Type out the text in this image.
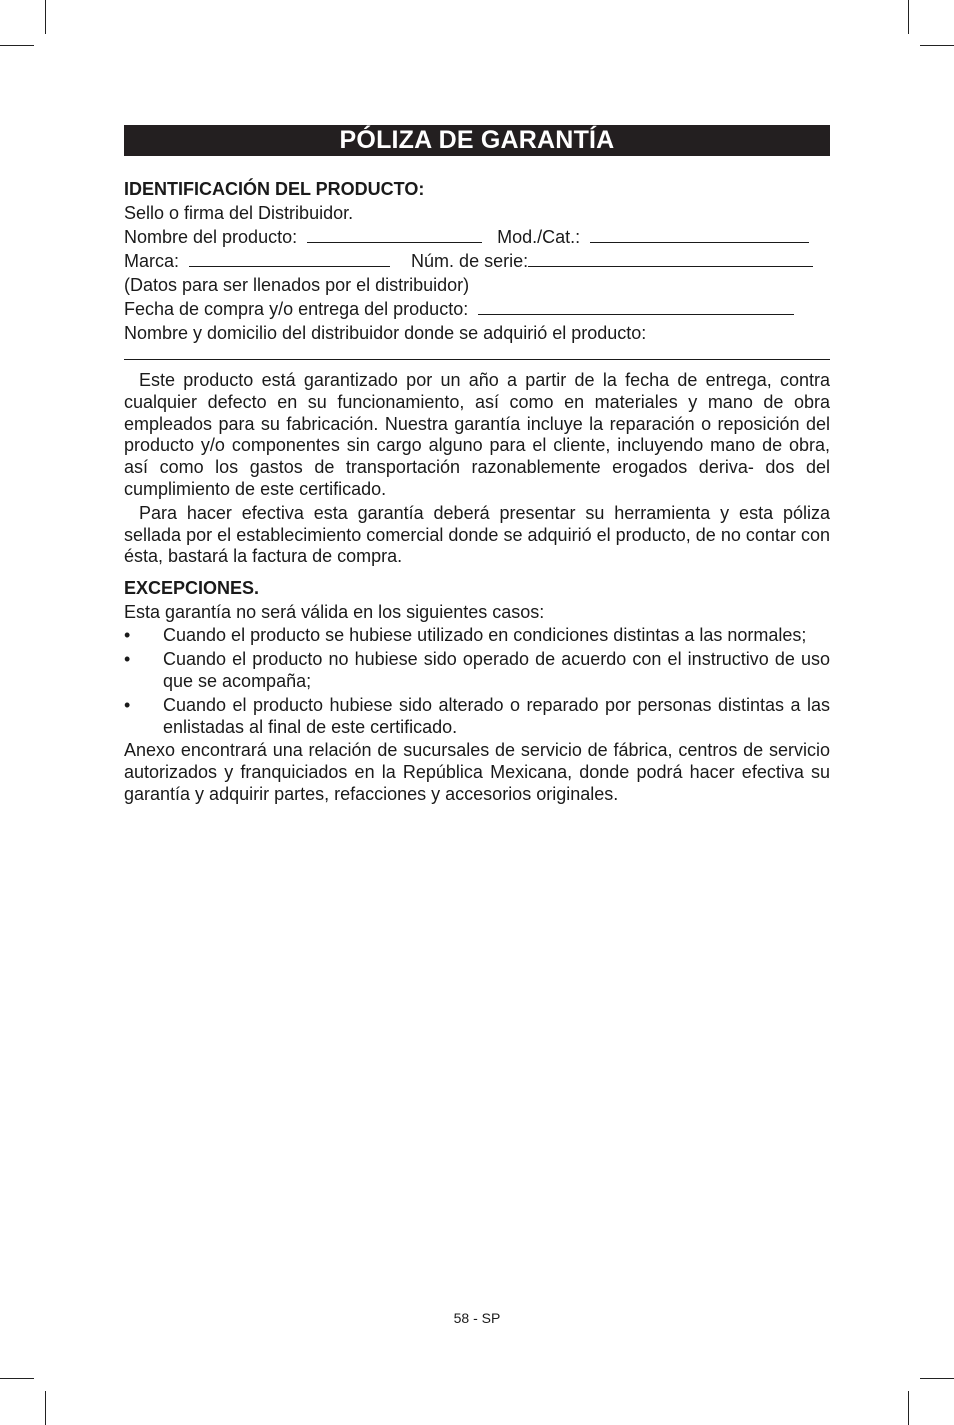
PÓLIZA DE GARANTÍA
IDENTIFICACIÓN DEL PRODUCTO:
Sello o firma del Distribuidor.
Nombre del producto:	Mod./Cat.:
Marca:	Núm. de serie:
(Datos para ser llenados por el distribuidor)
Fecha de compra y/o entrega del producto:
Nombre y domicilio del distribuidor donde se adquirió el producto:

Este producto está garantizado por un año a partir de la fecha de entrega, contra cualquier defecto en su funcionamiento, así como en materiales y mano de obra empleados para su fabricación. Nuestra garantía incluye la reparación o reposición del producto y/o componentes sin cargo alguno para el cliente, incluyendo mano de obra, así como los gastos de transportación razonablemente erogados deriva- dos del cumplimiento de este certificado.

Para hacer efectiva esta garantía deberá presentar su herramienta y esta póliza sellada por el establecimiento comercial donde se adquirió el producto, de no contar con ésta, bastará la factura de compra.

EXCEPCIONES.
Esta garantía no será válida en los siguientes casos:
• Cuando el producto se hubiese utilizado en condiciones distintas a las normales;
• Cuando el producto no hubiese sido operado de acuerdo con el instructivo de uso que se acompaña;
• Cuando el producto hubiese sido alterado o reparado por personas distintas a las enlistadas al final de este certificado.

Anexo encontrará una relación de sucursales de servicio de fábrica, centros de servicio autorizados y franquiciados en la República Mexicana, donde podrá hacer efectiva su garantía y adquirir partes, refacciones y accesorios originales.

58 - SP
